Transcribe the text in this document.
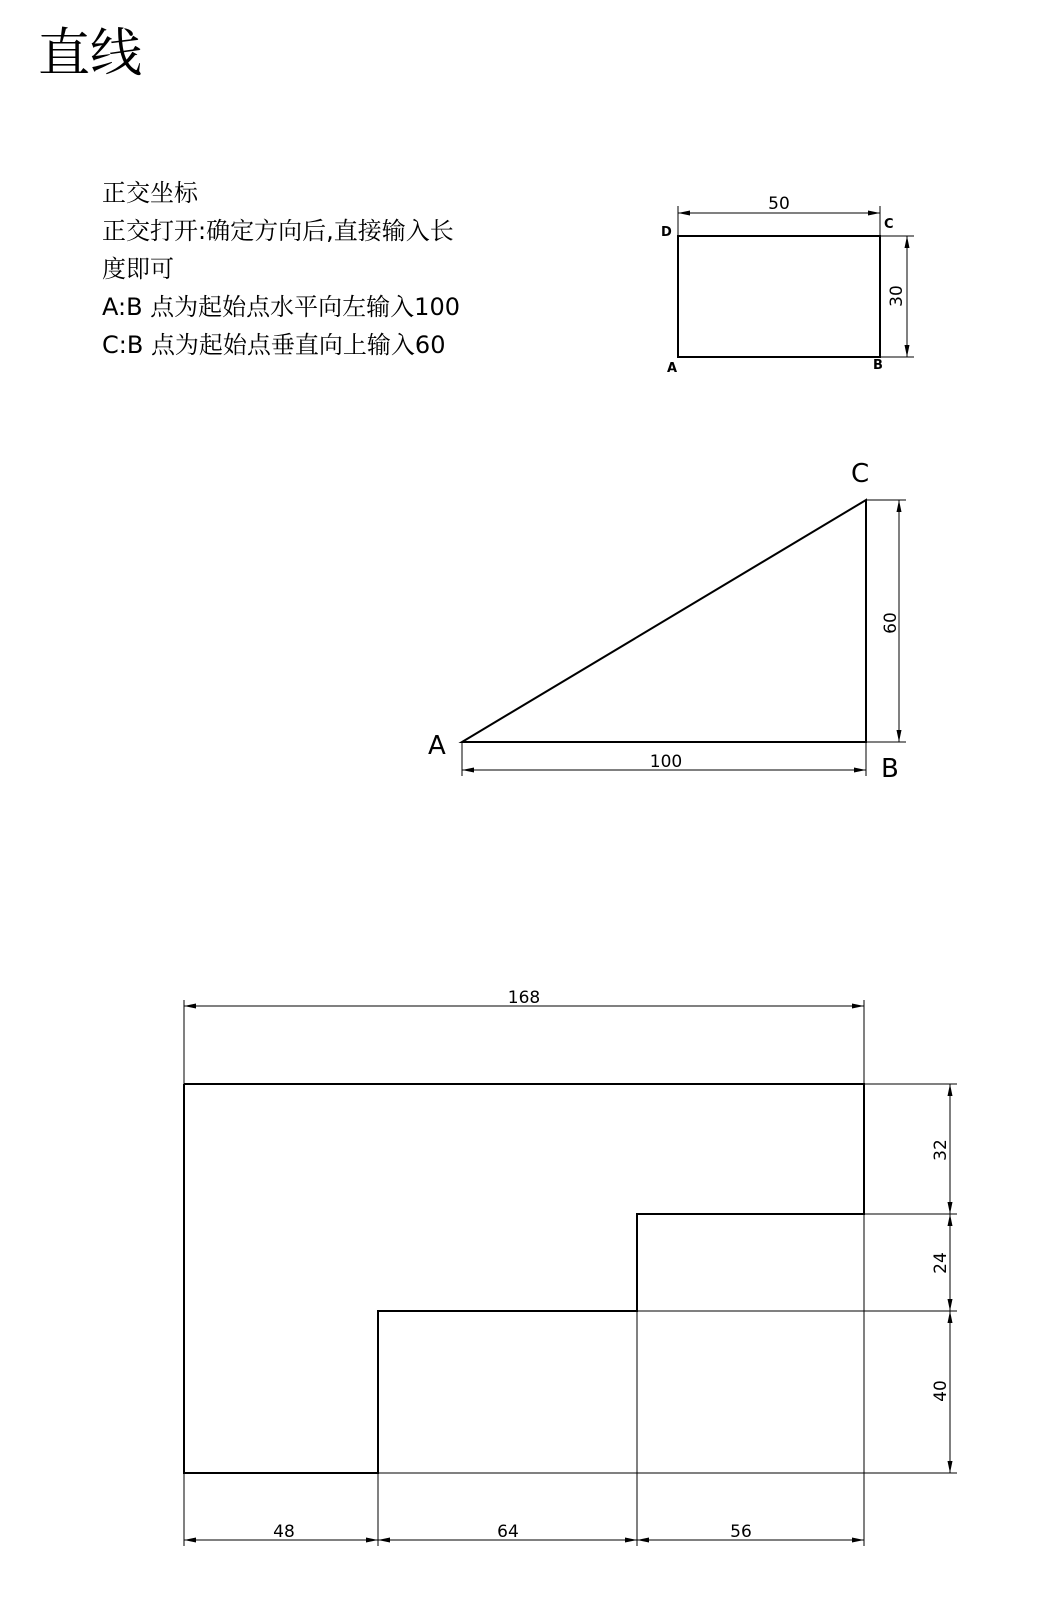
直线
正交坐标
正交打开:确定方向后,直接输入长
度即可
A:B 点为起始点水平向左输入100
C:B 点为起始点垂直向上输入60
50
30
D
C
A	B
100
60
A
B
C
168
48	64	56
32
24
40
